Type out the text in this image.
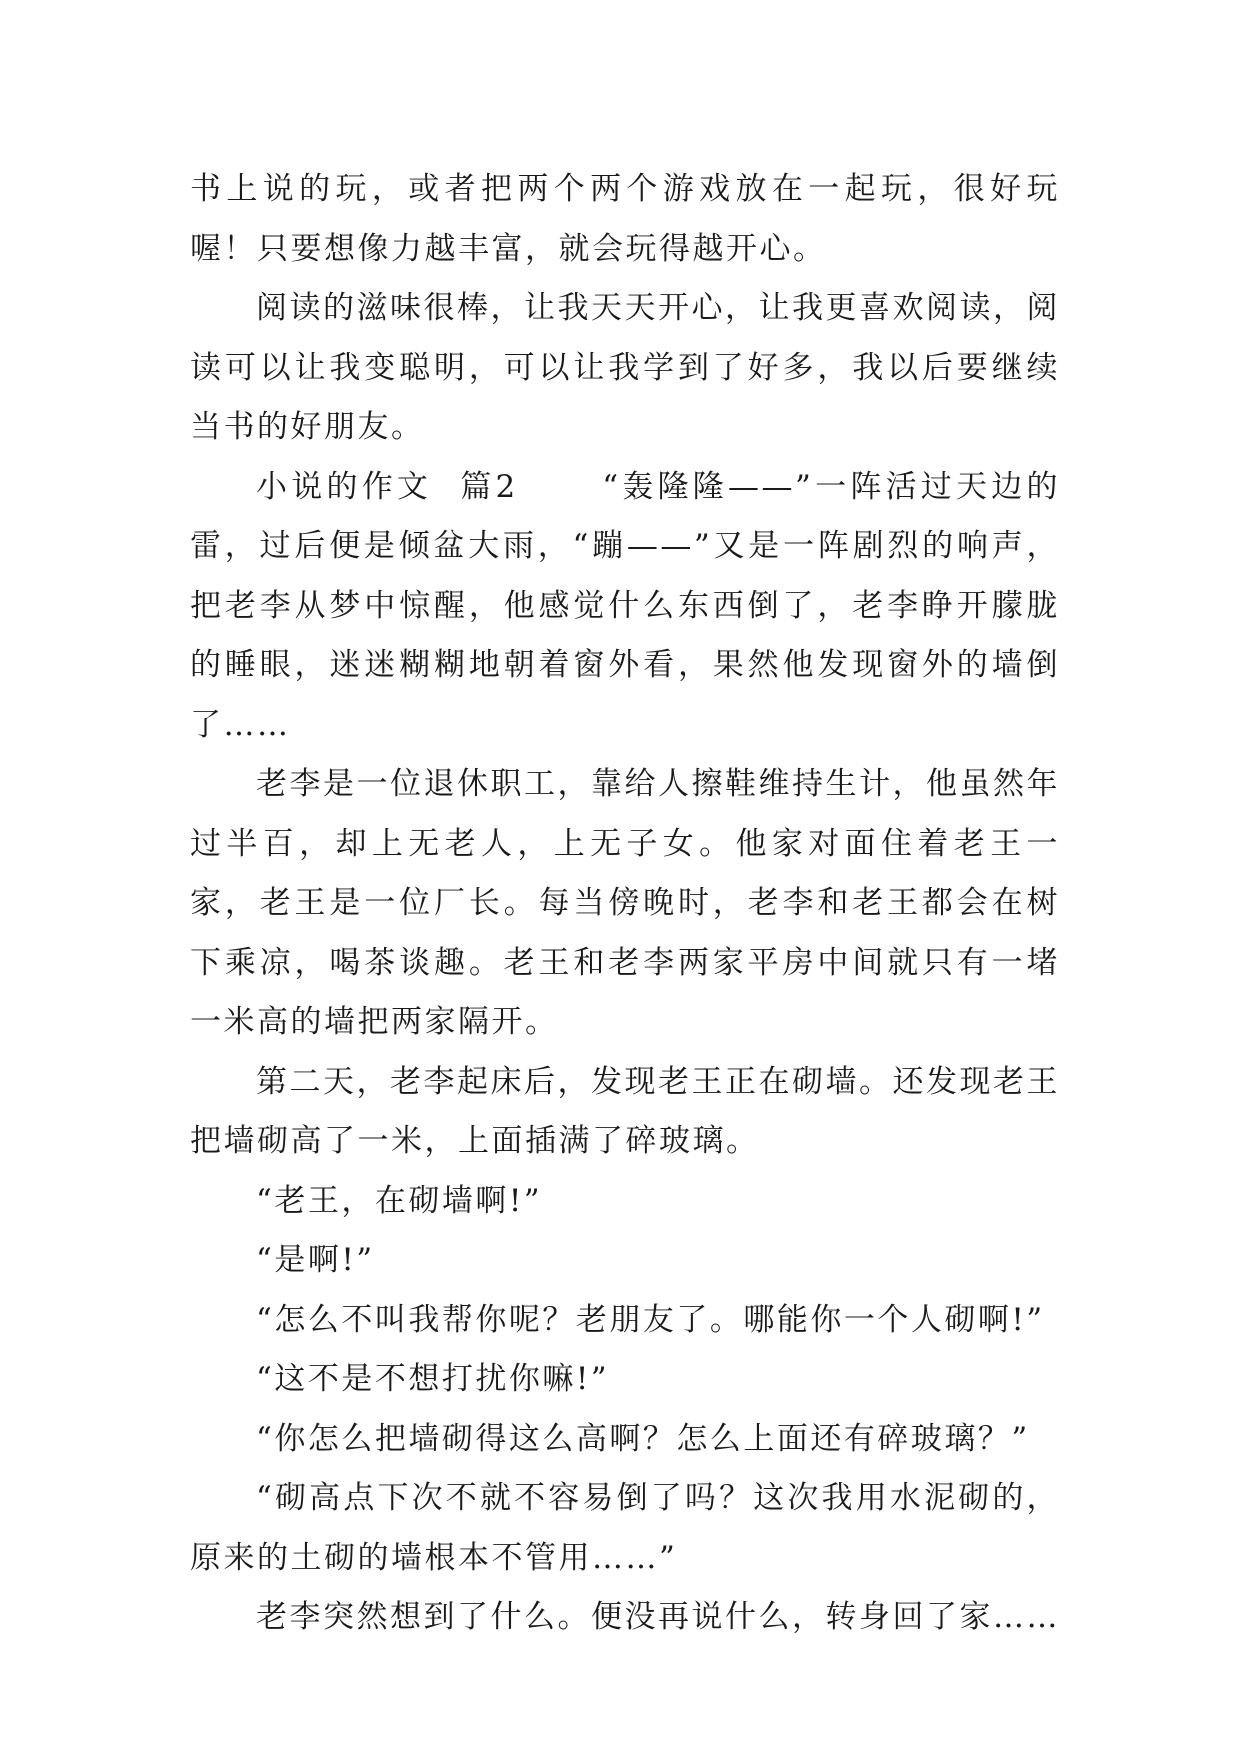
书上说的玩，或者把两个两个游戏放在一起玩，很好玩喔！只要想像力越丰富，就会玩得越开心。

阅读的滋味很棒，让我天天开心，让我更喜欢阅读，阅读可以让我变聪明，可以让我学到了好多，我以后要继续当书的好朋友。

小说的作文  篇2      “轰隆隆——”一阵活过天边的雷，过后便是倾盆大雨，“蹦——”又是一阵剧烈的响声，把老李从梦中惊醒，他感觉什么东西倒了，老李睁开朦胧的睡眼，迷迷糊糊地朝着窗外看，果然他发现窗外的墙倒了……

老李是一位退休职工，靠给人擦鞋维持生计，他虽然年过半百，却上无老人，上无子女。他家对面住着老王一家，老王是一位厂长。每当傍晚时，老李和老王都会在树下乘凉，喝茶谈趣。老王和老李两家平房中间就只有一堵一米高的墙把两家隔开。

第二天，老李起床后，发现老王正在砌墙。还发现老王把墙砌高了一米，上面插满了碎玻璃。

“老王，在砌墙啊!”

“是啊!”

“怎么不叫我帮你呢？老朋友了。哪能你一个人砌啊!”

“这不是不想打扰你嘛!”

“你怎么把墙砌得这么高啊？怎么上面还有碎玻璃？”

“砌高点下次不就不容易倒了吗？这次我用水泥砌的，原来的土砌的墙根本不管用……”

老李突然想到了什么。便没再说什么，转身回了家……
